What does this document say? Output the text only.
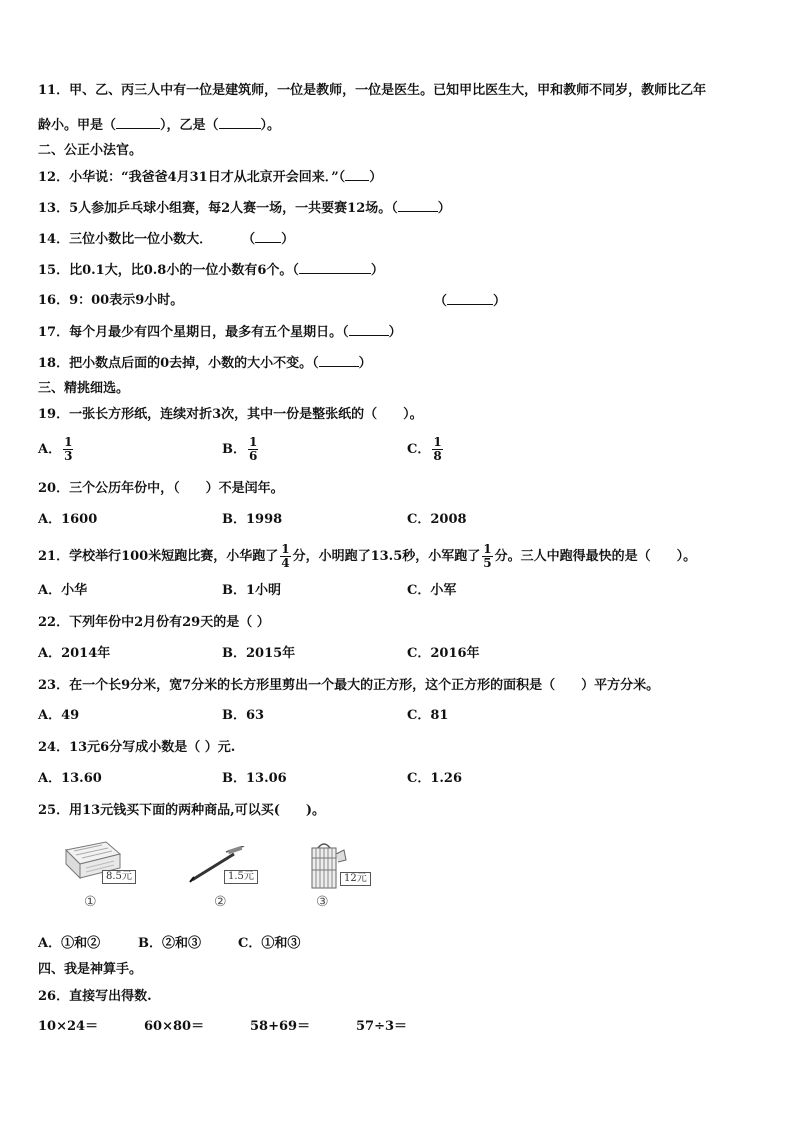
11．甲、乙、丙三人中有一位是建筑师，一位是教师，一位是医生。已知甲比医生大，甲和教师不同岁，教师比乙年
龄小。甲是（	），乙是（	）。
二、公正小法官。
12．小华说：“我爸爸4月31日才从北京开会回来．”（ ）
13．5人参加乒乓球小组赛，每2人赛一场，一共要赛12场。（	）
14．三位小数比一位小数大． （ ）
15．比0.1大，比0.8小的一位小数有6个。（	）
16．9：00表示9小时。	（	）
17．每个月最少有四个星期日，最多有五个星期日。（	）
18．把小数点后面的0去掉，小数的大小不变。（	）
三、精挑细选。
19．一张长方形纸，连续对折3次，其中一份是整张纸的（　　）。
A． $\frac{1}{3}$	B． $\frac{1}{6}$	C． $\frac{1}{8}$
20．三个公历年份中，（　　）不是闰年。
A．1600	B．1998	C．2008
21．学校举行100米短跑比赛，小华跑了 $\frac{1}{4}$ 分，小明跑了13.5秒，小军跑了 $\frac{1}{5}$ 分。三人中跑得最快的是（　　）。
A．小华	B．1小明	C．小军
22．下列年份中2月份有29天的是（ ）
A．2014年	B．2015年	C．2016年
23．在一个长9分米，宽7分米的长方形里剪出一个最大的正方形，这个正方形的面积是（　　）平方分米。
A．49	B．63	C．81
24．13元6分写成小数是（ ）元.
A．13.60	B．13.06	C．1.26
25．用13元钱买下面的两种商品,可以买(　　)。
8.5元
①
1.5元
②
12元
③
A．①和②	B．②和③	C．①和③
四、我是神算手。
26．直接写出得数.
10×24＝	60×80＝	58+69＝	57÷3＝
